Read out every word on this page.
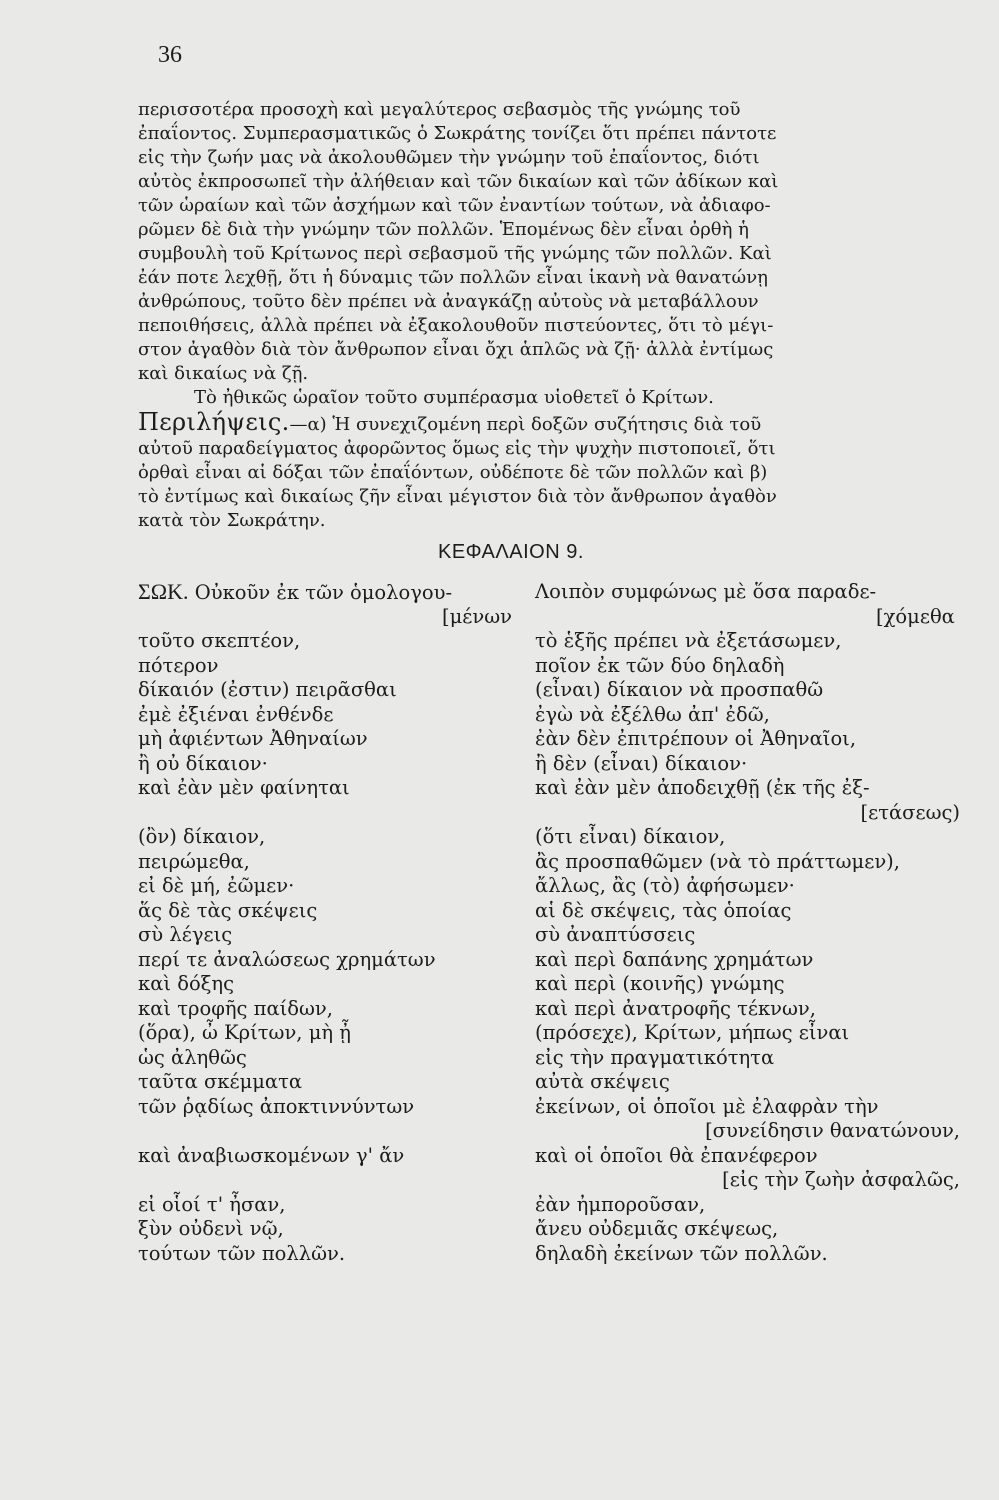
36
περισσοτέρα προσοχὴ καὶ μεγαλύτερος σεβασμὸς τῆς γνώμης τοῦ
ἐπαΐοντος. Συμπερασματικῶς ὁ Σωκράτης τονίζει ὅτι πρέπει πάντοτε
εἰς τὴν ζωήν μας νὰ ἀκολουθῶμεν τὴν γνώμην τοῦ ἐπαΐοντος, διότι
αὐτὸς ἐκπροσωπεῖ τὴν ἀλήθειαν καὶ τῶν δικαίων καὶ τῶν ἀδίκων καὶ
τῶν ὡραίων καὶ τῶν ἀσχήμων καὶ τῶν ἐναντίων τούτων, νὰ ἀδιαφο-
ρῶμεν δὲ διὰ τὴν γνώμην τῶν πολλῶν. Ἑπομένως δὲν εἶναι ὀρθὴ ἡ
συμβουλὴ τοῦ Κρίτωνος περὶ σεβασμοῦ τῆς γνώμης τῶν πολλῶν. Καὶ
ἐάν ποτε λεχθῇ, ὅτι ἡ δύναμις τῶν πολλῶν εἶναι ἱκανὴ νὰ θανατώνῃ
ἀνθρώπους, τοῦτο δὲν πρέπει νὰ ἀναγκάζῃ αὐτοὺς νὰ μεταβάλλουν
πεποιθήσεις, ἀλλὰ πρέπει νὰ ἐξακολουθοῦν πιστεύοντες, ὅτι τὸ μέγι-
στον ἀγαθὸν διὰ τὸν ἄνθρωπον εἶναι ὄχι ἁπλῶς νὰ ζῇ· ἀλλὰ ἐντίμως
καὶ δικαίως νὰ ζῇ.
Τὸ ἠθικῶς ὡραῖον τοῦτο συμπέρασμα υἱοθετεῖ ὁ Κρίτων.
Περιλήψεις.—α) Ἡ συνεχιζομένη περὶ δοξῶν συζήτησις διὰ τοῦ
αὐτοῦ παραδείγματος ἀφορῶντος ὅμως εἰς τὴν ψυχὴν πιστοποιεῖ, ὅτι
ὀρθαὶ εἶναι αἱ δόξαι τῶν ἐπαΐόντων, οὐδέποτε δὲ τῶν πολλῶν καὶ β)
τὸ ἐντίμως καὶ δικαίως ζῆν εἶναι μέγιστον διὰ τὸν ἄνθρωπον ἀγαθὸν
κατὰ τὸν Σωκράτην.
ΚΕΦΑΛΑΙΟΝ 9.
ΣΩΚ. Οὐκοῦν ἐκ τῶν ὁμολογου-	Λοιπὸν συμφώνως μὲ ὅσα παραδε-
[μένων	[χόμεθα
τοῦτο σκεπτέον,	τὸ ἑξῆς πρέπει νὰ ἐξετάσωμεν,
πότερον	ποῖον ἐκ τῶν δύο δηλαδὴ
δίκαιόν (ἐστιν) πειρᾶσθαι	(εἶναι) δίκαιον νὰ προσπαθῶ
ἐμὲ ἐξιέναι ἐνθένδε	ἐγὼ νὰ ἐξέλθω ἀπ' ἐδῶ,
μὴ ἀφιέντων Ἀθηναίων	ἐὰν δὲν ἐπιτρέπουν οἱ Ἀθηναῖοι,
ἢ οὐ δίκαιον·	ἢ δὲν (εἶναι) δίκαιον·
καὶ ἐὰν μὲν φαίνηται	καὶ ἐὰν μὲν ἀποδειχθῇ (ἐκ τῆς ἐξ-
[ετάσεως)
(ὂν) δίκαιον,	(ὅτι εἶναι) δίκαιον,
πειρώμεθα,	ἂς προσπαθῶμεν (νὰ τὸ πράττωμεν),
εἰ δὲ μή, ἐῶμεν·	ἄλλως, ἂς (τὸ) ἀφήσωμεν·
ἅς δὲ τὰς σκέψεις	αἱ δὲ σκέψεις, τὰς ὁποίας
σὺ λέγεις	σὺ ἀναπτύσσεις
περί τε ἀναλώσεως χρημάτων	καὶ περὶ δαπάνης χρημάτων
καὶ δόξης	καὶ περὶ (κοινῆς) γνώμης
καὶ τροφῆς παίδων,	καὶ περὶ ἀνατροφῆς τέκνων,
(ὅρα), ὦ Κρίτων, μὴ ᾖ	(πρόσεχε), Κρίτων, μήπως εἶναι
ὡς ἀληθῶς	εἰς τὴν πραγματικότητα
ταῦτα σκέμματα	αὐτὰ σκέψεις
τῶν ῥᾳδίως ἀποκτιννύντων	ἐκείνων, οἱ ὁποῖοι μὲ ἐλαφρὰν τὴν
[συνείδησιν θανατώνουν,
καὶ ἀναβιωσκομένων γ' ἄν	καὶ οἱ ὁποῖοι θὰ ἐπανέφερον
[εἰς τὴν ζωὴν ἀσφαλῶς,
εἰ οἷοί τ' ἦσαν,	ἐὰν ἠμποροῦσαν,
ξὺν οὐδενὶ νῷ,	ἄνευ οὐδεμιᾶς σκέψεως,
τούτων τῶν πολλῶν.	δηλαδὴ ἐκείνων τῶν πολλῶν.
